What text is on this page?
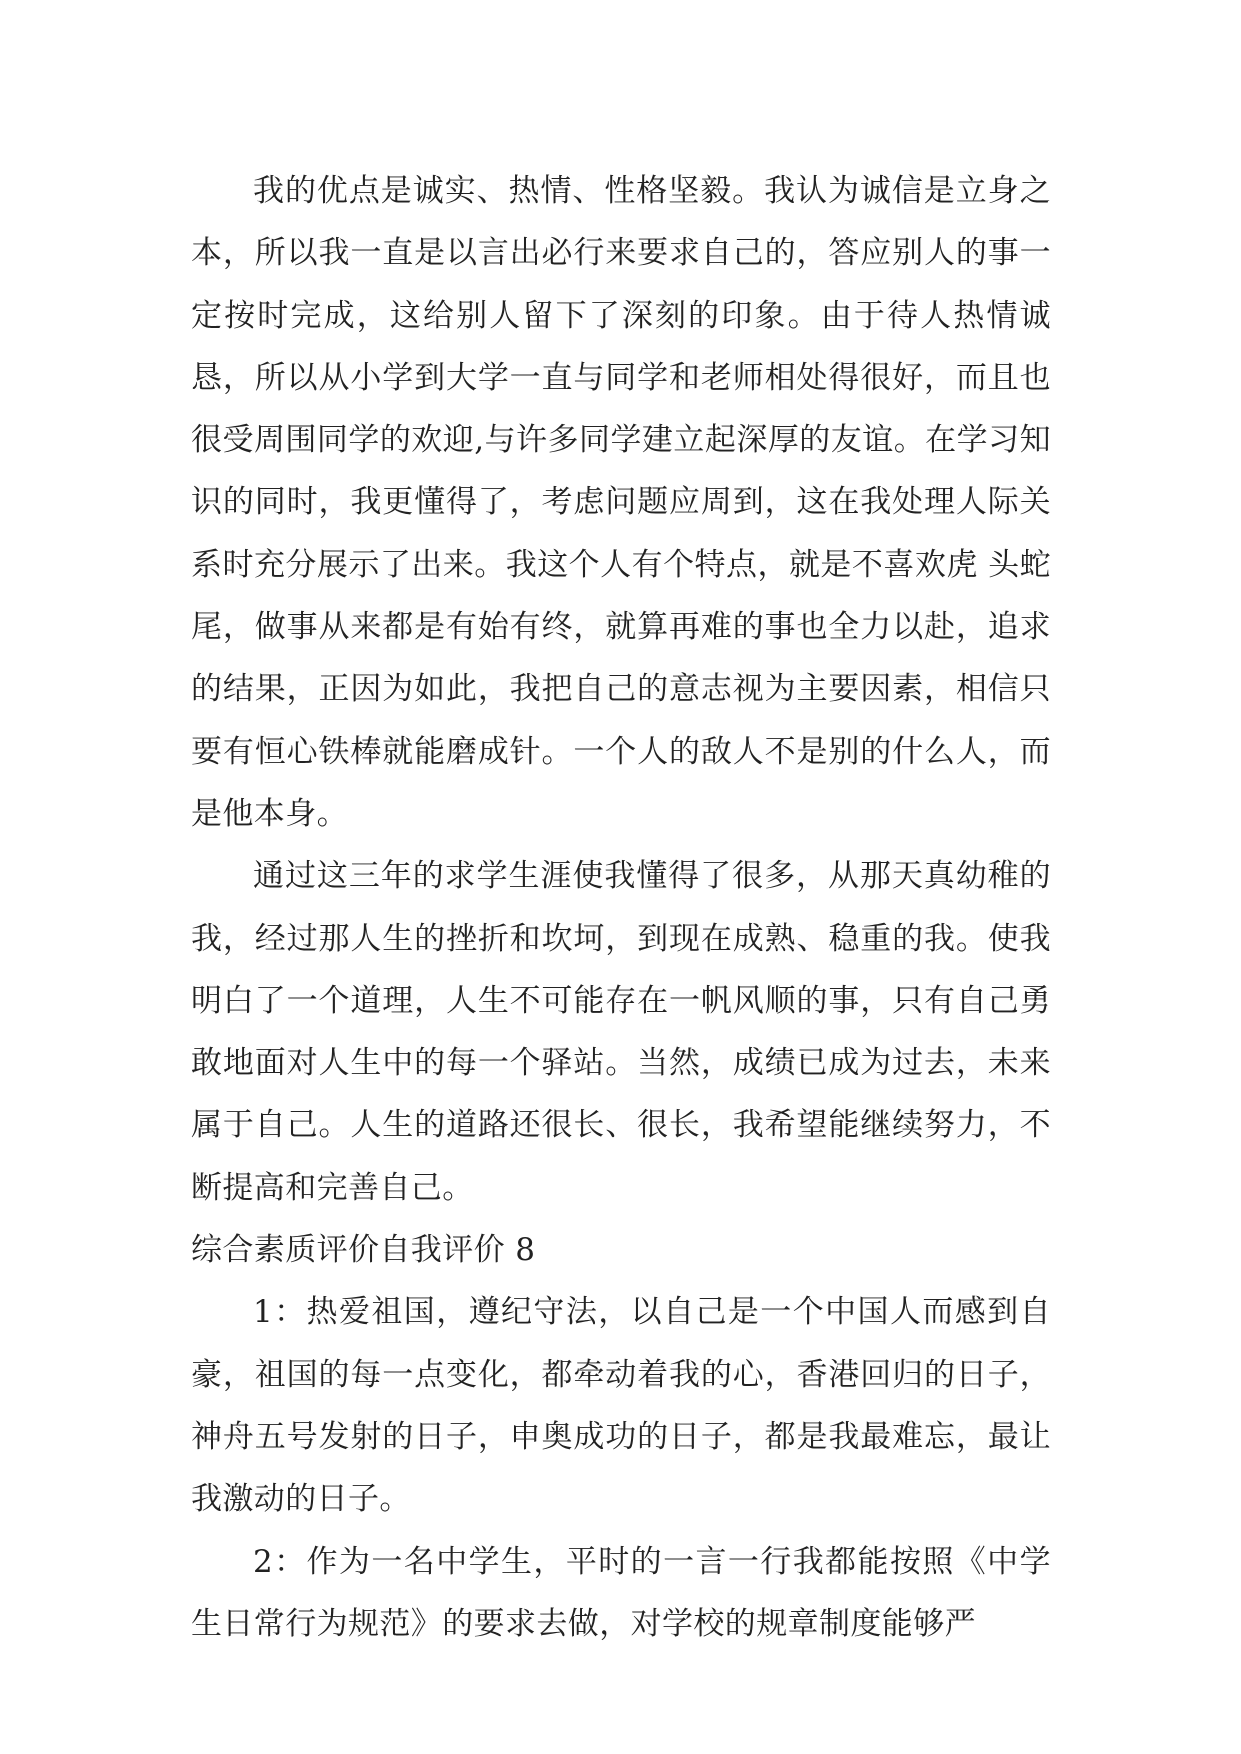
我的优点是诚实、热情、性格坚毅。我认为诚信是立身之本，所以我一直是以言出必行来要求自己的，答应别人的事一定按时完成，这给别人留下了深刻的印象。由于待人热情诚恳，所以从小学到大学一直与同学和老师相处得很好，而且也很受周围同学的欢迎,与许多同学建立起深厚的友谊。在学习知识的同时，我更懂得了，考虑问题应周到，这在我处理人际关系时充分展示了出来。我这个人有个特点，就是不喜欢虎 头蛇尾，做事从来都是有始有终，就算再难的事也全力以赴，追求的结果，正因为如此，我把自己的意志视为主要因素，相信只要有恒心铁棒就能磨成针。一个人的敌人不是别的什么人，而是他本身。

通过这三年的求学生涯使我懂得了很多，从那天真幼稚的我，经过那人生的挫折和坎坷，到现在成熟、稳重的我。使我明白了一个道理，人生不可能存在一帆风顺的事，只有自己勇敢地面对人生中的每一个驿站。当然，成绩已成为过去，未来属于自己。人生的道路还很长、很长，我希望能继续努力，不断提高和完善自己。

综合素质评价自我评价 8

1：热爱祖国，遵纪守法，以自己是一个中国人而感到自豪，祖国的每一点变化，都牵动着我的心，香港回归的日子，神舟五号发射的日子，申奥成功的日子，都是我最难忘，最让我激动的日子。

2：作为一名中学生，平时的一言一行我都能按照《中学生日常行为规范》的要求去做，对学校的规章制度能够严
